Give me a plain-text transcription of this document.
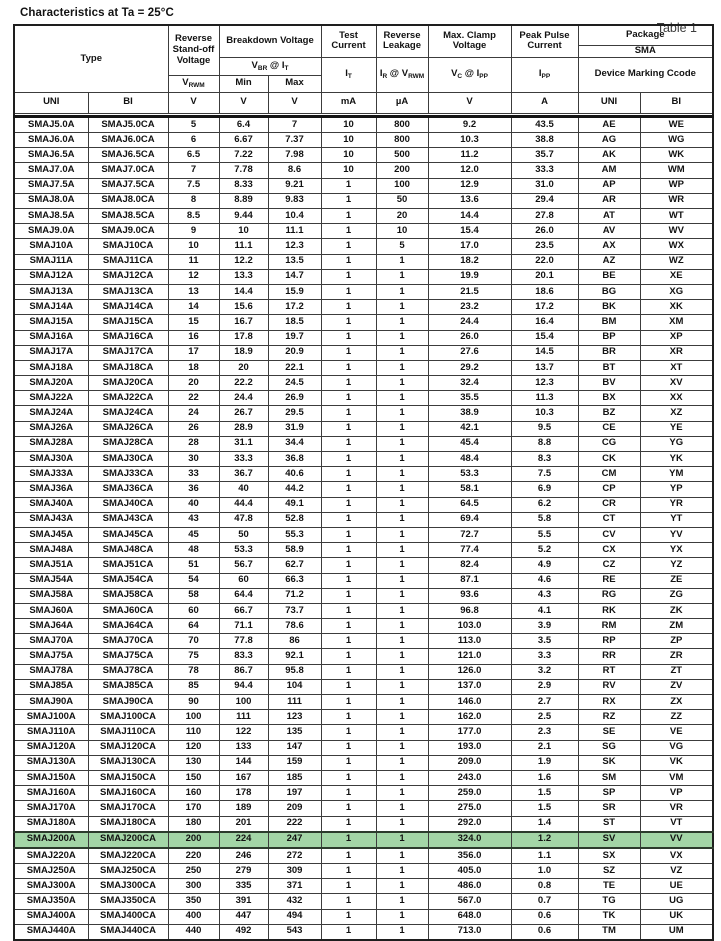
Characteristics at Ta = 25°C
Table 1
Type		Reverse Stand-off Voltage	Breakdown Voltage		Test Current	Reverse Leakage	Max. Clamp Voltage	Peak Pulse Current	Package	
									SMA	
			$V_{BR}$ @ $I_T$		$I_T$	$I_R$ @ $V_{RWM}$	$V_C$ @ $I_{PP}$	$I_{PP}$	Device Marking Ccode	
		$V_{RWM}$	Min	Max						
UNI	BI	V	V	V	mA	µA	V	A	UNI	BI

SMAJ5.0A	SMAJ5.0CA	5	6.4	7	10	800	9.2	43.5	AE	WE
SMAJ6.0A	SMAJ6.0CA	6	6.67	7.37	10	800	10.3	38.8	AG	WG
SMAJ6.5A	SMAJ6.5CA	6.5	7.22	7.98	10	500	11.2	35.7	AK	WK
SMAJ7.0A	SMAJ7.0CA	7	7.78	8.6	10	200	12.0	33.3	AM	WM
SMAJ7.5A	SMAJ7.5CA	7.5	8.33	9.21	1	100	12.9	31.0	AP	WP
SMAJ8.0A	SMAJ8.0CA	8	8.89	9.83	1	50	13.6	29.4	AR	WR
SMAJ8.5A	SMAJ8.5CA	8.5	9.44	10.4	1	20	14.4	27.8	AT	WT
SMAJ9.0A	SMAJ9.0CA	9	10	11.1	1	10	15.4	26.0	AV	WV
SMAJ10A	SMAJ10CA	10	11.1	12.3	1	5	17.0	23.5	AX	WX
SMAJ11A	SMAJ11CA	11	12.2	13.5	1	1	18.2	22.0	AZ	WZ
SMAJ12A	SMAJ12CA	12	13.3	14.7	1	1	19.9	20.1	BE	XE
SMAJ13A	SMAJ13CA	13	14.4	15.9	1	1	21.5	18.6	BG	XG
SMAJ14A	SMAJ14CA	14	15.6	17.2	1	1	23.2	17.2	BK	XK
SMAJ15A	SMAJ15CA	15	16.7	18.5	1	1	24.4	16.4	BM	XM
SMAJ16A	SMAJ16CA	16	17.8	19.7	1	1	26.0	15.4	BP	XP
SMAJ17A	SMAJ17CA	17	18.9	20.9	1	1	27.6	14.5	BR	XR
SMAJ18A	SMAJ18CA	18	20	22.1	1	1	29.2	13.7	BT	XT
SMAJ20A	SMAJ20CA	20	22.2	24.5	1	1	32.4	12.3	BV	XV
SMAJ22A	SMAJ22CA	22	24.4	26.9	1	1	35.5	11.3	BX	XX
SMAJ24A	SMAJ24CA	24	26.7	29.5	1	1	38.9	10.3	BZ	XZ
SMAJ26A	SMAJ26CA	26	28.9	31.9	1	1	42.1	9.5	CE	YE
SMAJ28A	SMAJ28CA	28	31.1	34.4	1	1	45.4	8.8	CG	YG
SMAJ30A	SMAJ30CA	30	33.3	36.8	1	1	48.4	8.3	CK	YK
SMAJ33A	SMAJ33CA	33	36.7	40.6	1	1	53.3	7.5	CM	YM
SMAJ36A	SMAJ36CA	36	40	44.2	1	1	58.1	6.9	CP	YP
SMAJ40A	SMAJ40CA	40	44.4	49.1	1	1	64.5	6.2	CR	YR
SMAJ43A	SMAJ43CA	43	47.8	52.8	1	1	69.4	5.8	CT	YT
SMAJ45A	SMAJ45CA	45	50	55.3	1	1	72.7	5.5	CV	YV
SMAJ48A	SMAJ48CA	48	53.3	58.9	1	1	77.4	5.2	CX	YX
SMAJ51A	SMAJ51CA	51	56.7	62.7	1	1	82.4	4.9	CZ	YZ
SMAJ54A	SMAJ54CA	54	60	66.3	1	1	87.1	4.6	RE	ZE
SMAJ58A	SMAJ58CA	58	64.4	71.2	1	1	93.6	4.3	RG	ZG
SMAJ60A	SMAJ60CA	60	66.7	73.7	1	1	96.8	4.1	RK	ZK
SMAJ64A	SMAJ64CA	64	71.1	78.6	1	1	103.0	3.9	RM	ZM
SMAJ70A	SMAJ70CA	70	77.8	86	1	1	113.0	3.5	RP	ZP
SMAJ75A	SMAJ75CA	75	83.3	92.1	1	1	121.0	3.3	RR	ZR
SMAJ78A	SMAJ78CA	78	86.7	95.8	1	1	126.0	3.2	RT	ZT
SMAJ85A	SMAJ85CA	85	94.4	104	1	1	137.0	2.9	RV	ZV
SMAJ90A	SMAJ90CA	90	100	111	1	1	146.0	2.7	RX	ZX
SMAJ100A	SMAJ100CA	100	111	123	1	1	162.0	2.5	RZ	ZZ
SMAJ110A	SMAJ110CA	110	122	135	1	1	177.0	2.3	SE	VE
SMAJ120A	SMAJ120CA	120	133	147	1	1	193.0	2.1	SG	VG
SMAJ130A	SMAJ130CA	130	144	159	1	1	209.0	1.9	SK	VK
SMAJ150A	SMAJ150CA	150	167	185	1	1	243.0	1.6	SM	VM
SMAJ160A	SMAJ160CA	160	178	197	1	1	259.0	1.5	SP	VP
SMAJ170A	SMAJ170CA	170	189	209	1	1	275.0	1.5	SR	VR
SMAJ180A	SMAJ180CA	180	201	222	1	1	292.0	1.4	ST	VT
SMAJ200A	SMAJ200CA	200	224	247	1	1	324.0	1.2	SV	VV
SMAJ220A	SMAJ220CA	220	246	272	1	1	356.0	1.1	SX	VX
SMAJ250A	SMAJ250CA	250	279	309	1	1	405.0	1.0	SZ	VZ
SMAJ300A	SMAJ300CA	300	335	371	1	1	486.0	0.8	TE	UE
SMAJ350A	SMAJ350CA	350	391	432	1	1	567.0	0.7	TG	UG
SMAJ400A	SMAJ400CA	400	447	494	1	1	648.0	0.6	TK	UK
SMAJ440A	SMAJ440CA	440	492	543	1	1	713.0	0.6	TM	UM
